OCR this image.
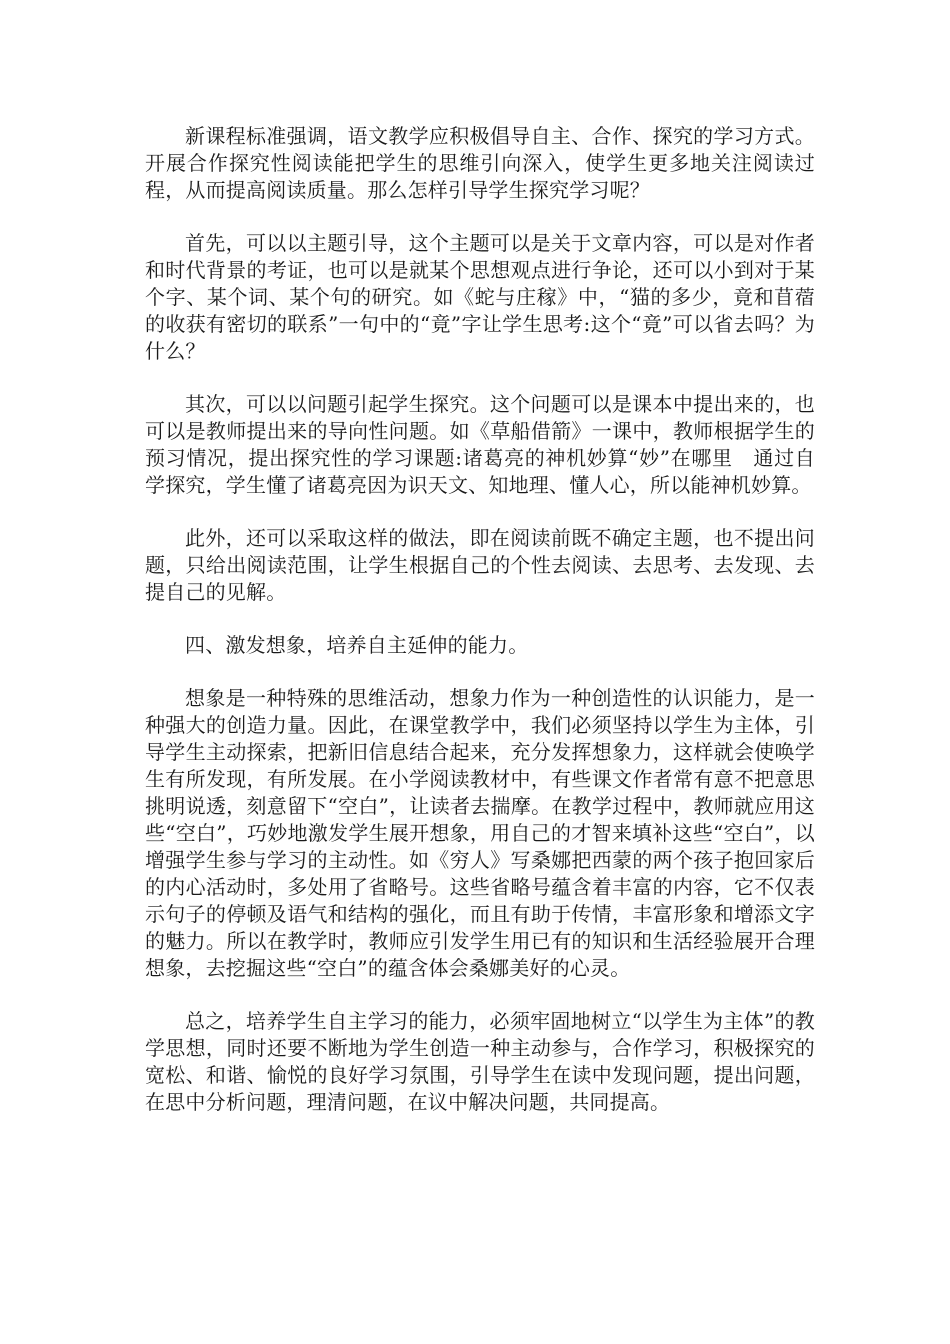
新课程标准强调，语文教学应积极倡导自主、合作、探究的学习方式。开展合作探究性阅读能把学生的思维引向深入，使学生更多地关注阅读过程，从而提高阅读质量。那么怎样引导学生探究学习呢？

首先，可以以主题引导，这个主题可以是关于文章内容，可以是对作者和时代背景的考证，也可以是就某个思想观点进行争论，还可以小到对于某个字、某个词、某个句的研究。如《蛇与庄稼》中，“猫的多少，竟和苜蓿的收获有密切的联系”一句中的“竟”字让学生思考:这个“竟”可以省去吗？为什么？

其次，可以以问题引起学生探究。这个问题可以是课本中提出来的，也可以是教师提出来的导向性问题。如《草船借箭》一课中，教师根据学生的预习情况，提出探究性的学习课题:诸葛亮的神机妙算“妙”在哪里　通过自学探究，学生懂了诸葛亮因为识天文、知地理、懂人心，所以能神机妙算。

此外，还可以采取这样的做法，即在阅读前既不确定主题，也不提出问题，只给出阅读范围，让学生根据自己的个性去阅读、去思考、去发现、去提自己的见解。

四、激发想象，培养自主延伸的能力。

想象是一种特殊的思维活动，想象力作为一种创造性的认识能力，是一种强大的创造力量。因此，在课堂教学中，我们必须坚持以学生为主体，引导学生主动探索，把新旧信息结合起来，充分发挥想象力，这样就会使唤学生有所发现，有所发展。在小学阅读教材中，有些课文作者常有意不把意思挑明说透，刻意留下“空白”，让读者去揣摩。在教学过程中，教师就应用这些“空白”，巧妙地激发学生展开想象，用自己的才智来填补这些“空白”，以增强学生参与学习的主动性。如《穷人》写桑娜把西蒙的两个孩子抱回家后的内心活动时，多处用了省略号。这些省略号蕴含着丰富的内容，它不仅表示句子的停顿及语气和结构的强化，而且有助于传情，丰富形象和增添文字的魅力。所以在教学时，教师应引发学生用已有的知识和生活经验展开合理想象，去挖掘这些“空白”的蕴含体会桑娜美好的心灵。

总之，培养学生自主学习的能力，必须牢固地树立“以学生为主体”的教学思想，同时还要不断地为学生创造一种主动参与，合作学习，积极探究的宽松、和谐、愉悦的良好学习氛围，引导学生在读中发现问题，提出问题，在思中分析问题，理清问题，在议中解决问题，共同提高。
